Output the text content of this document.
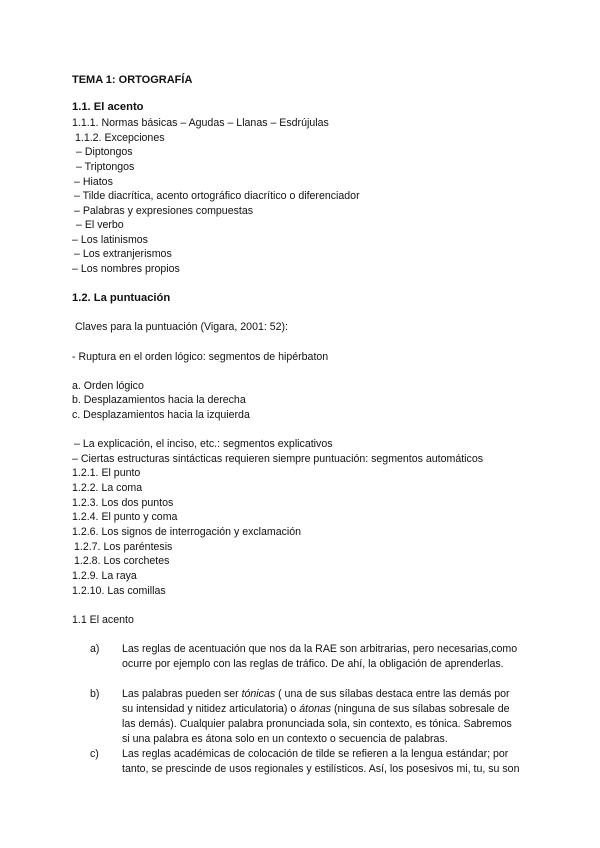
TEMA 1: ORTOGRAFÍA
1.1. El acento
1.1.1. Normas básicas – Agudas – Llanas – Esdrújulas
1.1.2. Excepciones
– Diptongos
– Triptongos
– Hiatos
– Tilde diacrítica, acento ortográfico diacrítico o diferenciador
– Palabras y expresiones compuestas
– El verbo
– Los latinismos
– Los extranjerismos
– Los nombres propios
1.2. La puntuación
Claves para la puntuación (Vigara, 2001: 52):
- Ruptura en el orden lógico: segmentos de hipérbaton
a. Orden lógico
b. Desplazamientos hacia la derecha
c. Desplazamientos hacia la izquierda
– La explicación, el inciso, etc.: segmentos explicativos
– Ciertas estructuras sintácticas requieren siempre puntuación: segmentos automáticos
1.2.1. El punto
1.2.2. La coma
1.2.3. Los dos puntos
1.2.4. El punto y coma
1.2.6. Los signos de interrogación y exclamación
1.2.7. Los paréntesis
1.2.8. Los corchetes
1.2.9. La raya
1.2.10. Las comillas
1.1 El acento
a) Las reglas de acentuación que nos da la RAE son arbitrarias, pero necesarias,como
ocurre por ejemplo con las reglas de tráfico. De ahí, la obligación de aprenderlas.
b) Las palabras pueden ser tónicas ( una de sus sílabas destaca entre las demás por
su intensidad y nitidez articulatoria) o átonas (ninguna de sus sílabas sobresale de
las demás). Cualquier palabra pronunciada sola, sin contexto, es tónica. Sabremos
si una palabra es átona solo en un contexto o secuencia de palabras.
c) Las reglas académicas de colocación de tilde se refieren a la lengua estándar; por
tanto, se prescinde de usos regionales y estilísticos. Así, los posesivos mi, tu, su son
